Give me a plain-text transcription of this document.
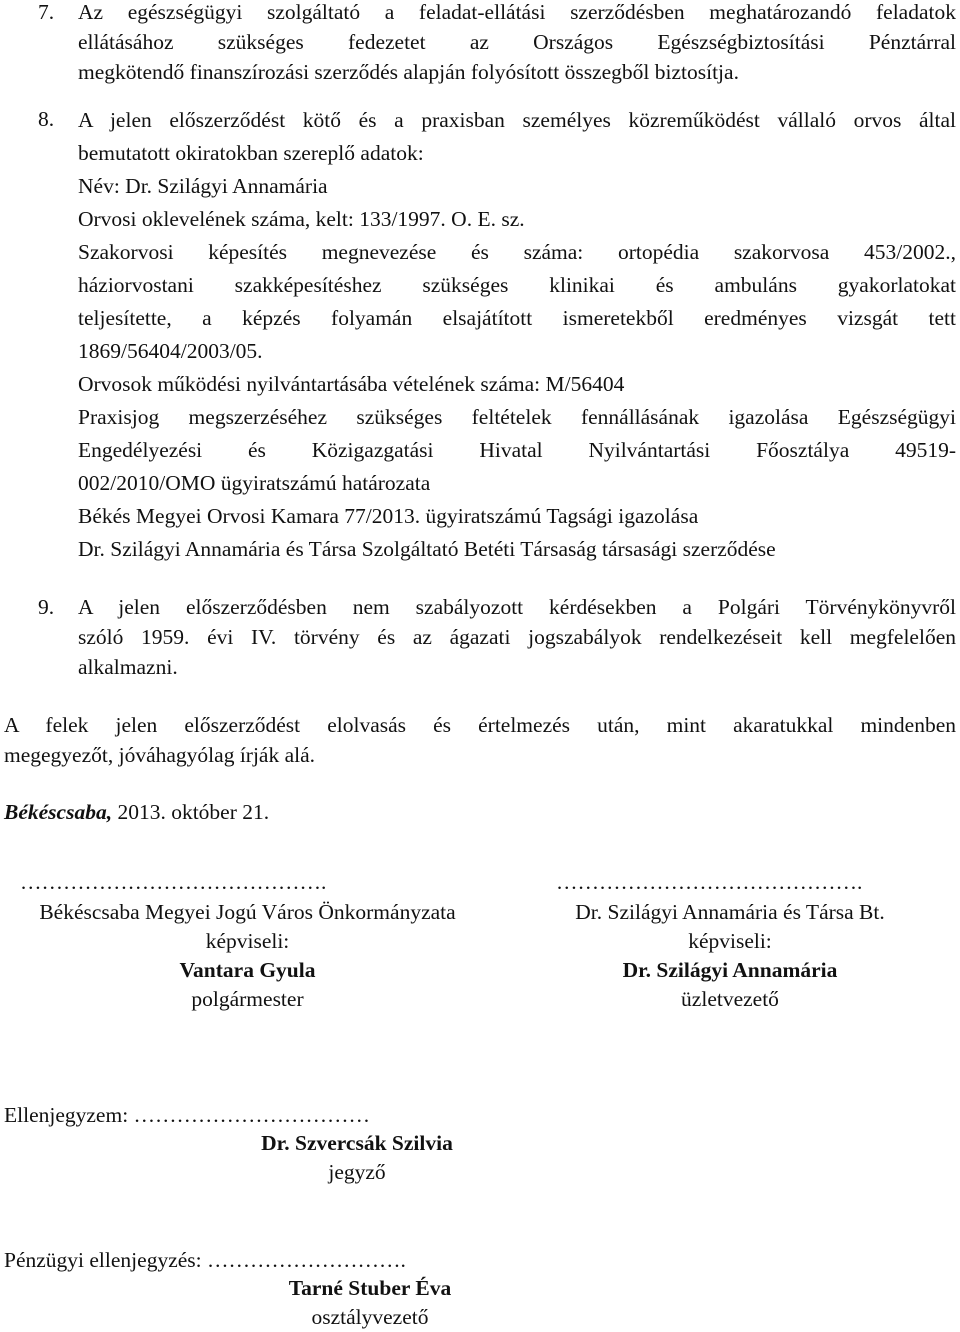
7. Az egészségügyi szolgáltató a feladat-ellátási szerződésben meghatározandó feladatok
ellátásához szükséges fedezetet az Országos Egészségbiztosítási Pénztárral
megkötendő finanszírozási szerződés alapján folyósított összegből biztosítja.
8. A jelen előszerződést kötő és a praxisban személyes közreműködést vállaló orvos által
bemutatott okiratokban szereplő adatok:
Név: Dr. Szilágyi Annamária
Orvosi oklevelének száma, kelt: 133/1997. O. E. sz.
Szakorvosi képesítés megnevezése és száma: ortopédia szakorvosa 453/2002.,
háziorvostani szakképesítéshez szükséges klinikai és ambuláns gyakorlatokat
teljesítette, a képzés folyamán elsajátított ismeretekből eredményes vizsgát tett
1869/56404/2003/05.
Orvosok működési nyilvántartásába vételének száma: M/56404
Praxisjog megszerzéséhez szükséges feltételek fennállásának igazolása Egészségügyi
Engedélyezési és Közigazgatási Hivatal Nyilvántartási Főosztálya 49519-
002/2010/OMO ügyiratszámú határozata
Békés Megyei Orvosi Kamara 77/2013. ügyiratszámú Tagsági igazolása
Dr. Szilágyi Annamária és Társa Szolgáltató Betéti Társaság társasági szerződése
9. A jelen előszerződésben nem szabályozott kérdésekben a Polgári Törvénykönyvről
szóló 1959. évi IV. törvény és az ágazati jogszabályok rendelkezéseit kell megfelelően
alkalmazni.
A felek jelen előszerződést elolvasás és értelmezés után, mint akaratukkal mindenben
megegyezőt, jóváhagyólag írják alá.
Békéscsaba, 2013. október 21.
…………………………………….
Békéscsaba Megyei Jogú Város Önkormányzata
képviseli:
Vantara Gyula
polgármester
…………………………………….
Dr. Szilágyi Annamária és Társa Bt.
képviseli:
Dr. Szilágyi Annamária
üzletvezető
Ellenjegyzem: ……………………………
Dr. Szvercsák Szilvia
jegyző
Pénzügyi ellenjegyzés: ……………………….
Tarné Stuber Éva
osztályvezető
